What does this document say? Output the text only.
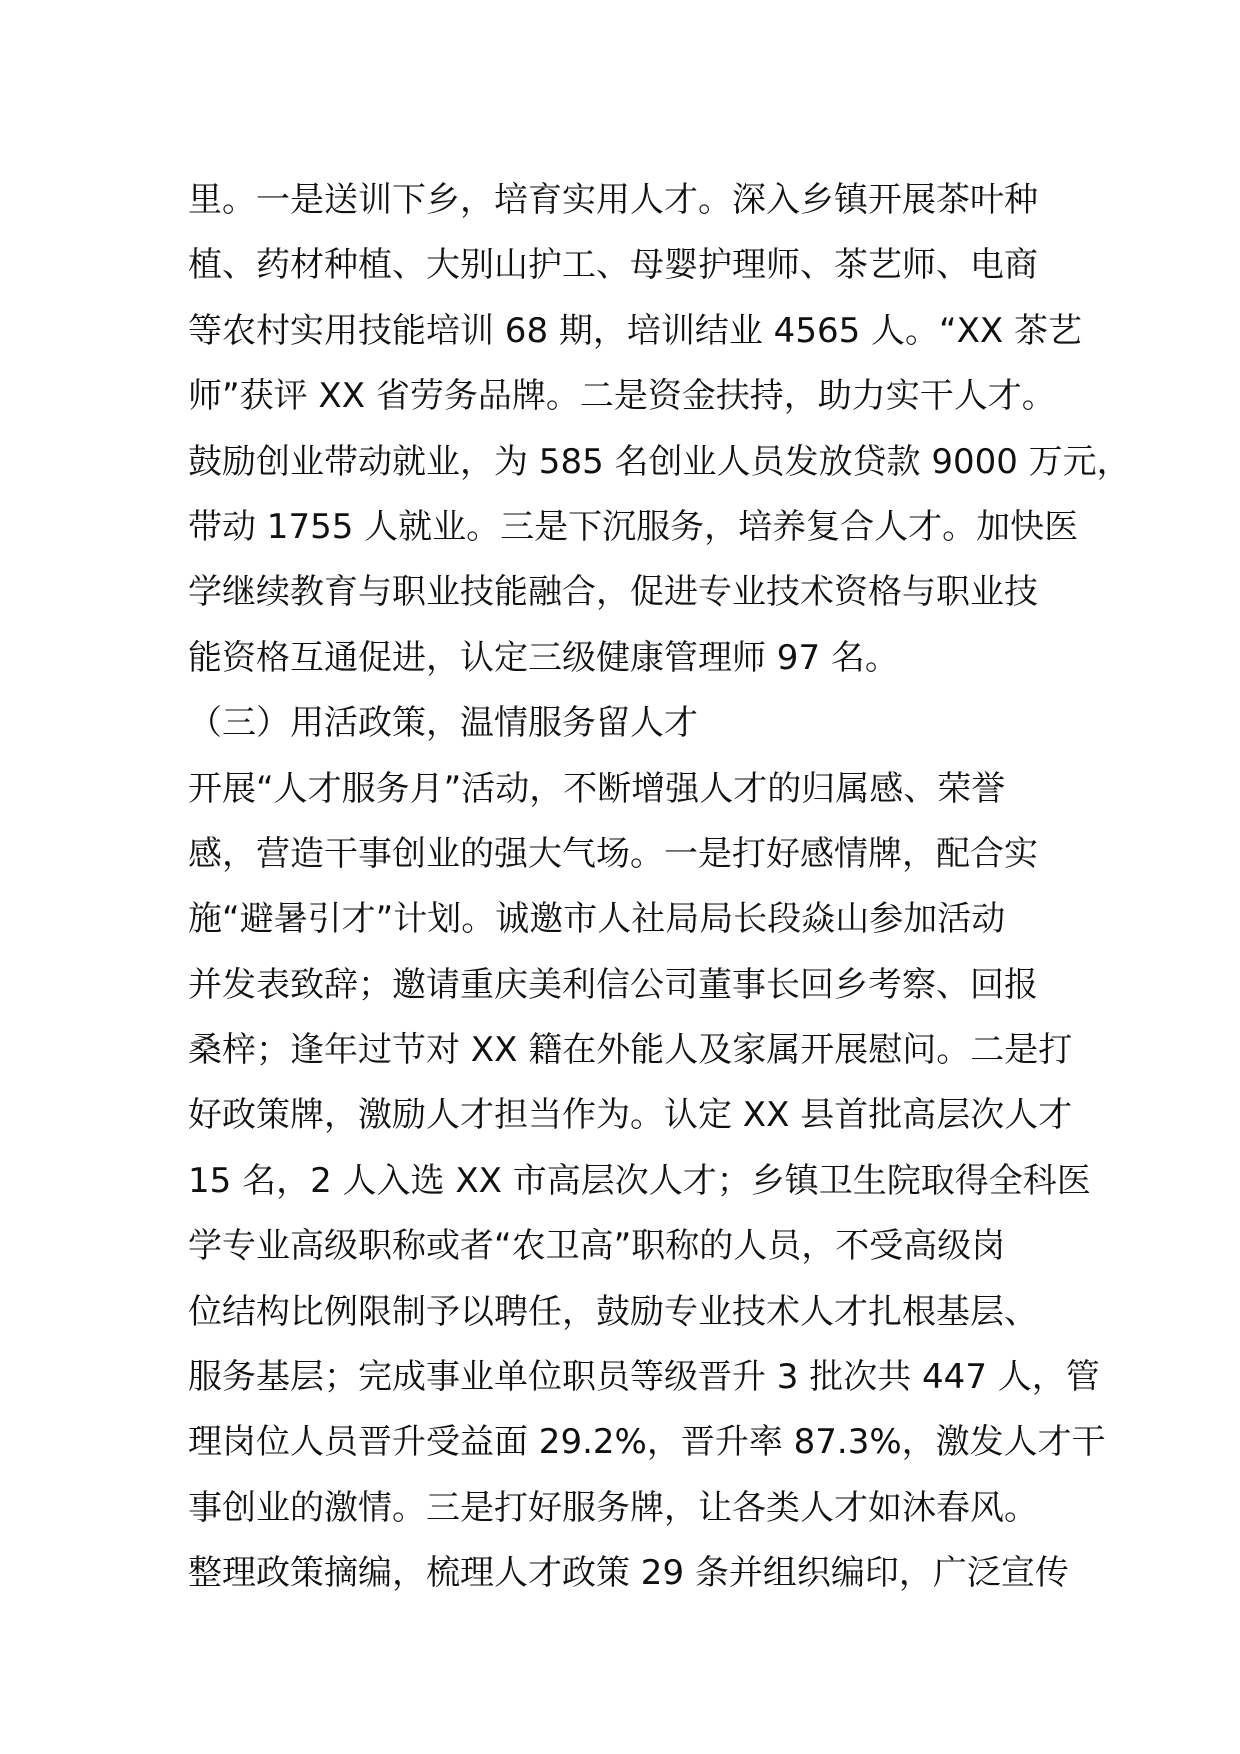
里。一是送训下乡，培育实用人才。深入乡镇开展茶叶种
植、药材种植、大别山护工、母婴护理师、茶艺师、电商
等农村实用技能培训 68 期，培训结业 4565 人。“XX 茶艺
师”获评 XX 省劳务品牌。二是资金扶持，助力实干人才。
鼓励创业带动就业，为 585 名创业人员发放贷款 9000 万元，
带动 1755 人就业。三是下沉服务，培养复合人才。加快医
学继续教育与职业技能融合，促进专业技术资格与职业技
能资格互通促进，认定三级健康管理师 97 名。
（三）用活政策，温情服务留人才
开展“人才服务月”活动，不断增强人才的归属感、荣誉
感，营造干事创业的强大气场。一是打好感情牌，配合实
施“避暑引才”计划。诚邀市人社局局长段焱山参加活动
并发表致辞；邀请重庆美利信公司董事长回乡考察、回报
桑梓；逢年过节对 XX 籍在外能人及家属开展慰问。二是打
好政策牌，激励人才担当作为。认定 XX 县首批高层次人才
15 名，2 人入选 XX 市高层次人才；乡镇卫生院取得全科医
学专业高级职称或者“农卫高”职称的人员，不受高级岗
位结构比例限制予以聘任，鼓励专业技术人才扎根基层、
服务基层；完成事业单位职员等级晋升 3 批次共 447 人，管
理岗位人员晋升受益面 29.2%，晋升率 87.3%，激发人才干
事创业的激情。三是打好服务牌，让各类人才如沐春风。
整理政策摘编，梳理人才政策 29 条并组织编印，广泛宣传
